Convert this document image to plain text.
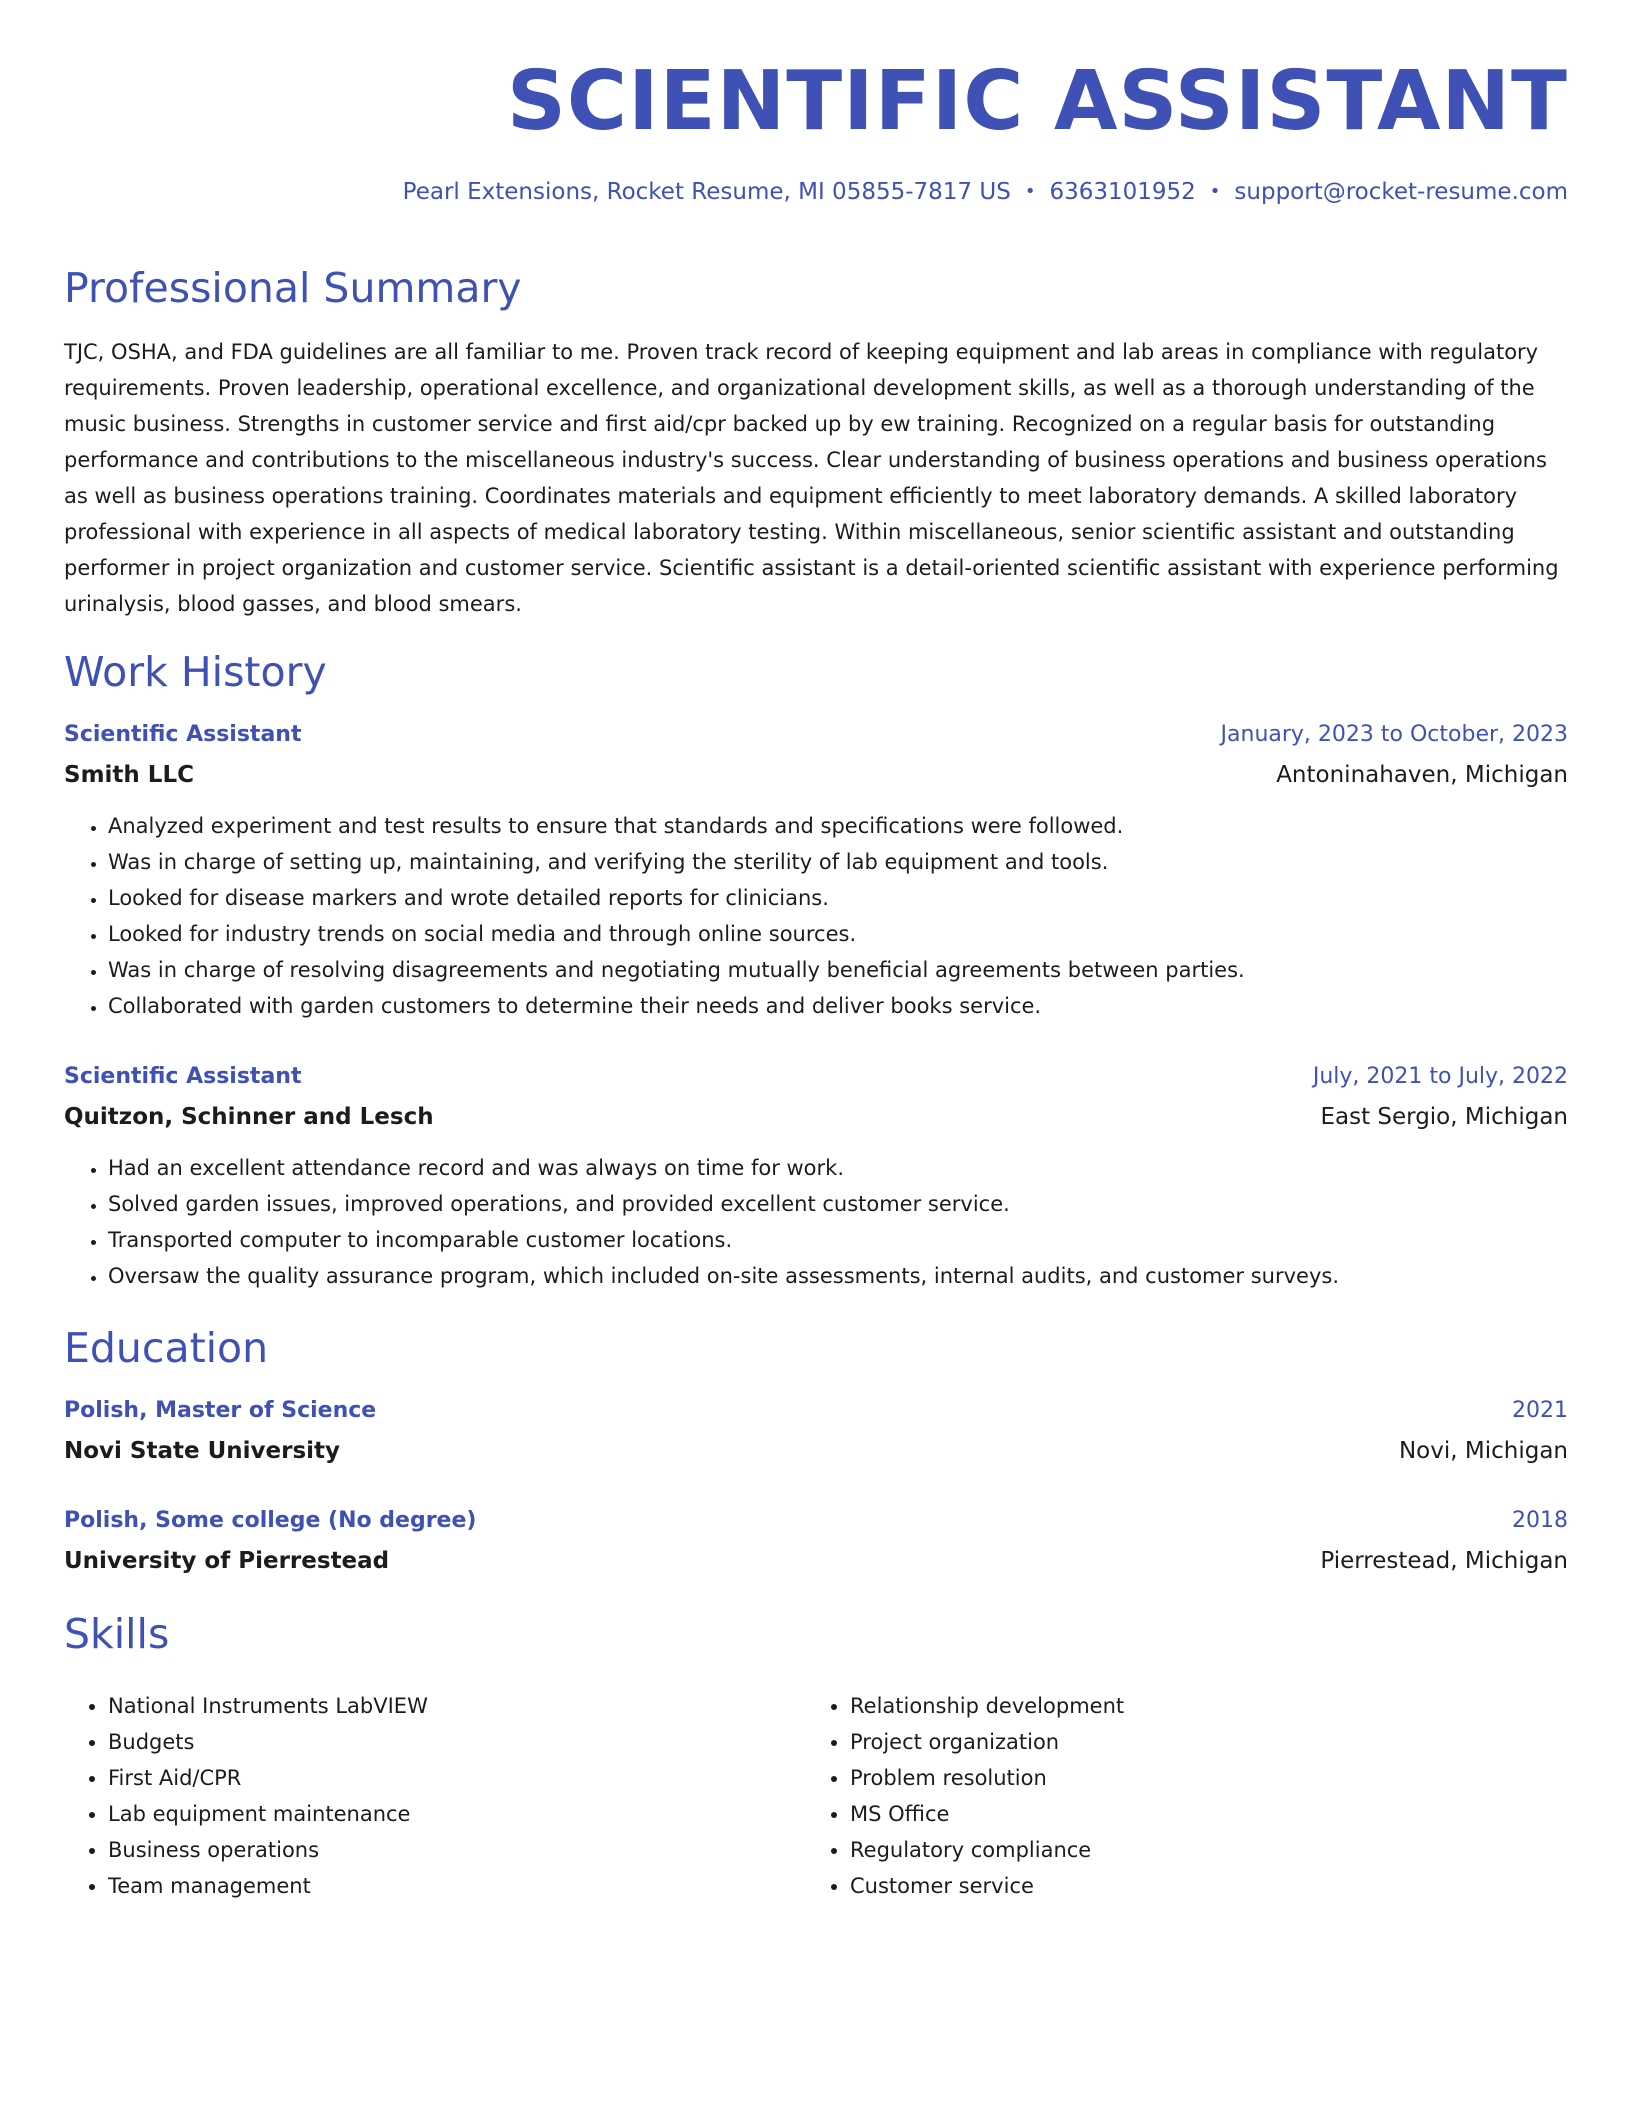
SCIENTIFIC ASSISTANT
Pearl Extensions, Rocket Resume, MI 05855-7817 US • 6363101952 • support@rocket-resume.com
Professional Summary

TJC, OSHA, and FDA guidelines are all familiar to me. Proven track record of keeping equipment and lab areas in compliance with regulatory requirements. Proven leadership, operational excellence, and organizational development skills, as well as a thorough understanding of the music business. Strengths in customer service and first aid/cpr backed up by ew training. Recognized on a regular basis for outstanding performance and contributions to the miscellaneous industry's success. Clear understanding of business operations and business operations as well as business operations training. Coordinates materials and equipment efficiently to meet laboratory demands. A skilled laboratory professional with experience in all aspects of medical laboratory testing. Within miscellaneous, senior scientific assistant and outstanding performer in project organization and customer service. Scientific assistant is a detail-oriented scientific assistant with experience performing urinalysis, blood gasses, and blood smears.

Work History
Scientific Assistant	January, 2023 to October, 2023
Smith LLC	Antoninahaven, Michigan
• Analyzed experiment and test results to ensure that standards and specifications were followed.
• Was in charge of setting up, maintaining, and verifying the sterility of lab equipment and tools.
• Looked for disease markers and wrote detailed reports for clinicians.
• Looked for industry trends on social media and through online sources.
• Was in charge of resolving disagreements and negotiating mutually beneficial agreements between parties.
• Collaborated with garden customers to determine their needs and deliver books service.
Scientific Assistant	July, 2021 to July, 2022
Quitzon, Schinner and Lesch	East Sergio, Michigan
• Had an excellent attendance record and was always on time for work.
• Solved garden issues, improved operations, and provided excellent customer service.
• Transported computer to incomparable customer locations.
• Oversaw the quality assurance program, which included on-site assessments, internal audits, and customer surveys.
Education
Polish, Master of Science	2021
Novi State University	Novi, Michigan
Polish, Some college (No degree)	2018
University of Pierrestead	Pierrestead, Michigan
Skills
• National Instruments LabVIEW
• Budgets
• First Aid/CPR
• Lab equipment maintenance
• Business operations
• Team management
• Relationship development
• Project organization
• Problem resolution
• MS Office
• Regulatory compliance
• Customer service
